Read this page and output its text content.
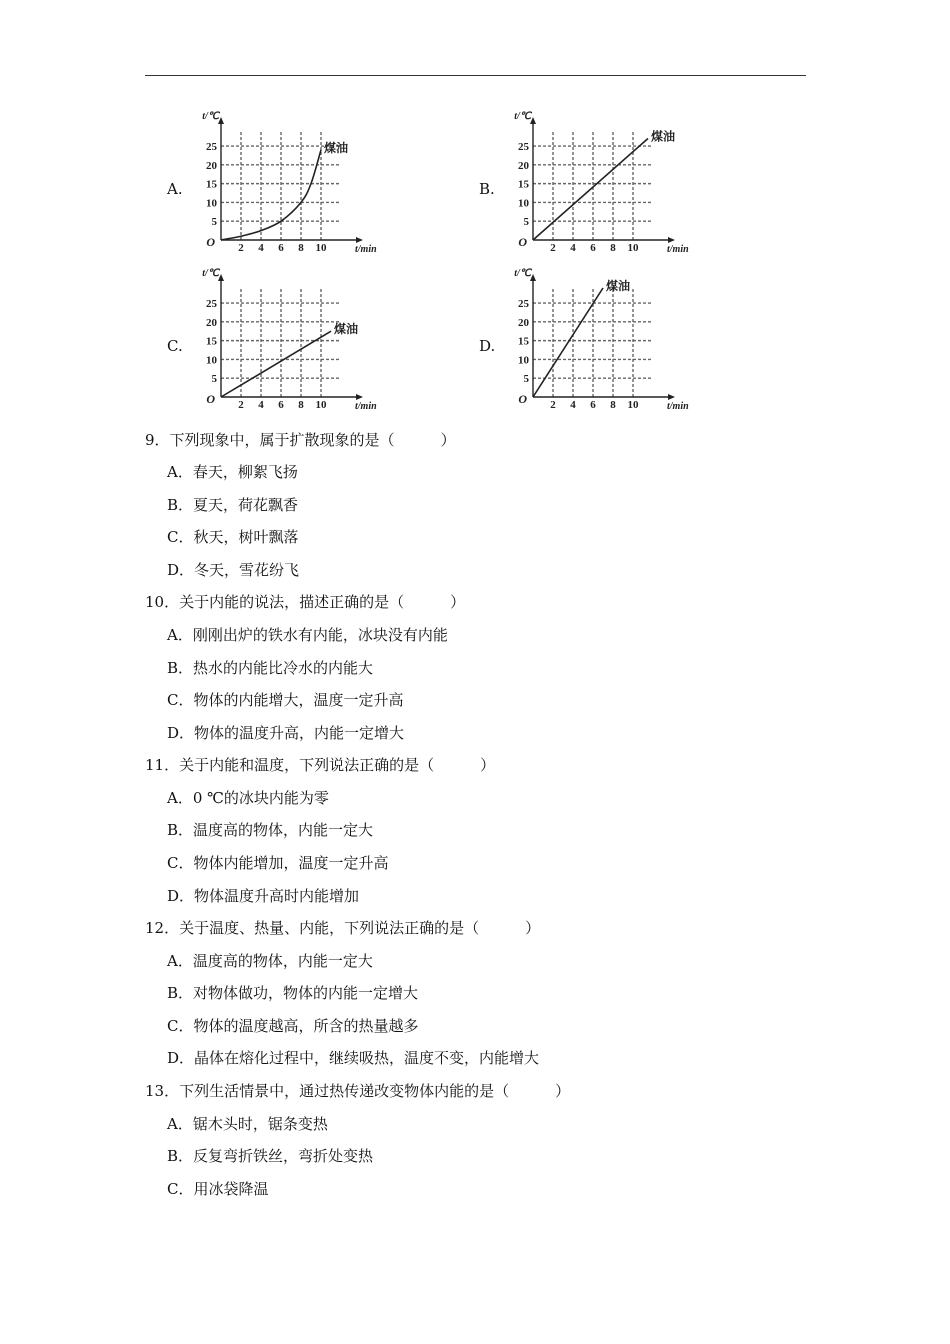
A.	B.
C.	D.
2 4 6 8 10
5
10
15
20
25
O
t/min
t/℃
煤油
2 4 6 8 10
5
10
15
20
25
O
t/min
t/℃
煤油
2 4 6 8 10
5
10
15
20
25
O
t/min
t/℃
煤油
2 4 6 8 10
5
10
15
20
25
O
t/min
t/℃
煤油
9．下列现象中，属于扩散现象的是（	）
A．春天，柳絮飞扬
B．夏天，荷花飘香
C．秋天，树叶飘落
D．冬天，雪花纷飞
10．关于内能的说法，描述正确的是（	）
A．刚刚出炉的铁水有内能，冰块没有内能
B．热水的内能比冷水的内能大
C．物体的内能增大，温度一定升高
D．物体的温度升高，内能一定增大
11．关于内能和温度，下列说法正确的是（	）
A．0 ℃的冰块内能为零
B．温度高的物体，内能一定大
C．物体内能增加，温度一定升高
D．物体温度升高时内能增加
12．关于温度、热量、内能，下列说法正确的是（	）
A．温度高的物体，内能一定大
B．对物体做功，物体的内能一定增大
C．物体的温度越高，所含的热量越多
D．晶体在熔化过程中，继续吸热，温度不变，内能增大
13．下列生活情景中，通过热传递改变物体内能的是（	）
A．锯木头时，锯条变热
B．反复弯折铁丝，弯折处变热
C．用冰袋降温
